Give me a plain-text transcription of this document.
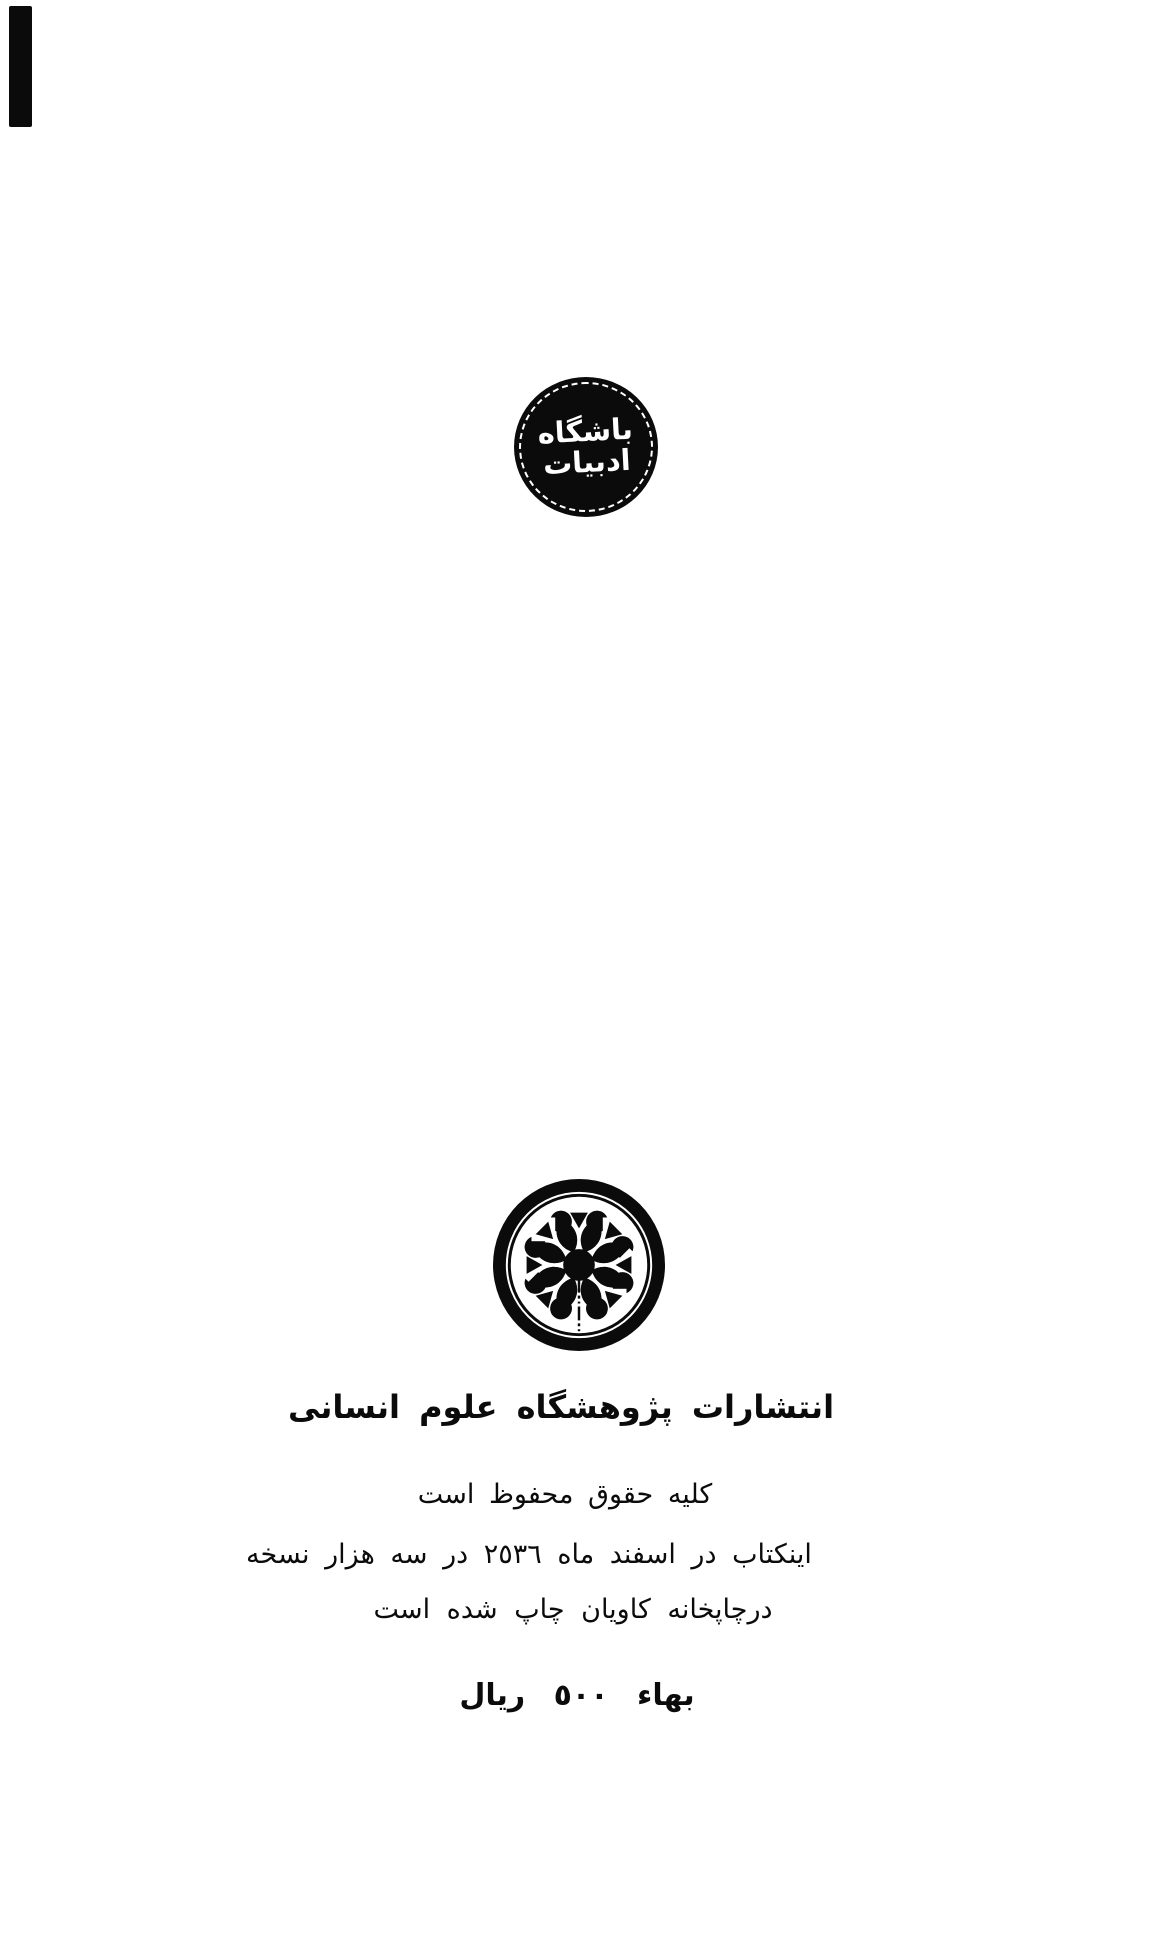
باشگاه
ادبیات
انتشارات پژوهشگاه علوم انسانی
کلیه حقوق محفوظ است
اینکتاب در اسفند ماه ٢٥٣٦ در سه هزار نسخه
درچاپخانه کاویان چاپ شده است
بهاء ٥٠٠ ريال
